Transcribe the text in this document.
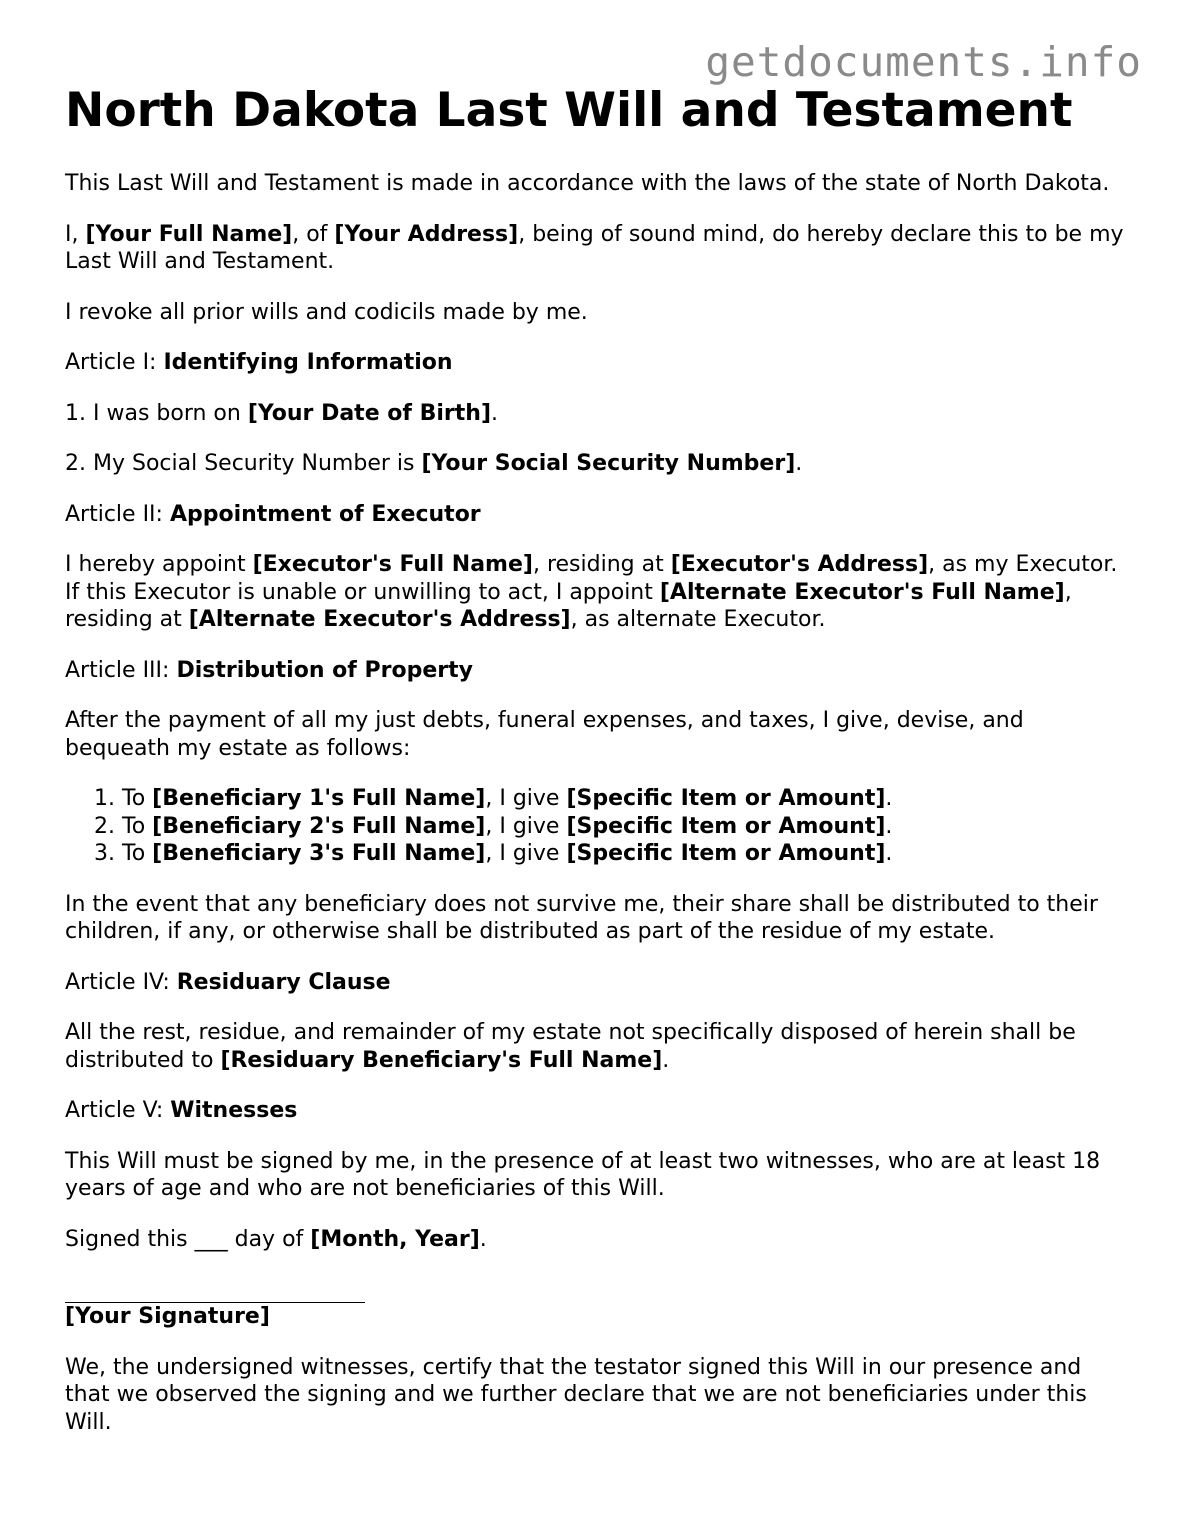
getdocuments.info
North Dakota Last Will and Testament

This Last Will and Testament is made in accordance with the laws of the state of North Dakota.

I, [Your Full Name], of [Your Address], being of sound mind, do hereby declare this to be my Last Will and Testament.

I revoke all prior wills and codicils made by me.

Article I: Identifying Information

1. I was born on [Your Date of Birth].

2. My Social Security Number is [Your Social Security Number].

Article II: Appointment of Executor

I hereby appoint [Executor's Full Name], residing at [Executor's Address], as my Executor. If this Executor is unable or unwilling to act, I appoint [Alternate Executor's Full Name], residing at [Alternate Executor's Address], as alternate Executor.

Article III: Distribution of Property

After the payment of all my just debts, funeral expenses, and taxes, I give, devise, and bequeath my estate as follows:

1. To [Beneficiary 1's Full Name], I give [Specific Item or Amount].
2. To [Beneficiary 2's Full Name], I give [Specific Item or Amount].
3. To [Beneficiary 3's Full Name], I give [Specific Item or Amount].

In the event that any beneficiary does not survive me, their share shall be distributed to their children, if any, or otherwise shall be distributed as part of the residue of my estate.

Article IV: Residuary Clause

All the rest, residue, and remainder of my estate not specifically disposed of herein shall be distributed to [Residuary Beneficiary's Full Name].

Article V: Witnesses

This Will must be signed by me, in the presence of at least two witnesses, who are at least 18 years of age and who are not beneficiaries of this Will.

Signed this ___ day of [Month, Year].

[Your Signature]

We, the undersigned witnesses, certify that the testator signed this Will in our presence and that we observed the signing and we further declare that we are not beneficiaries under this Will.
